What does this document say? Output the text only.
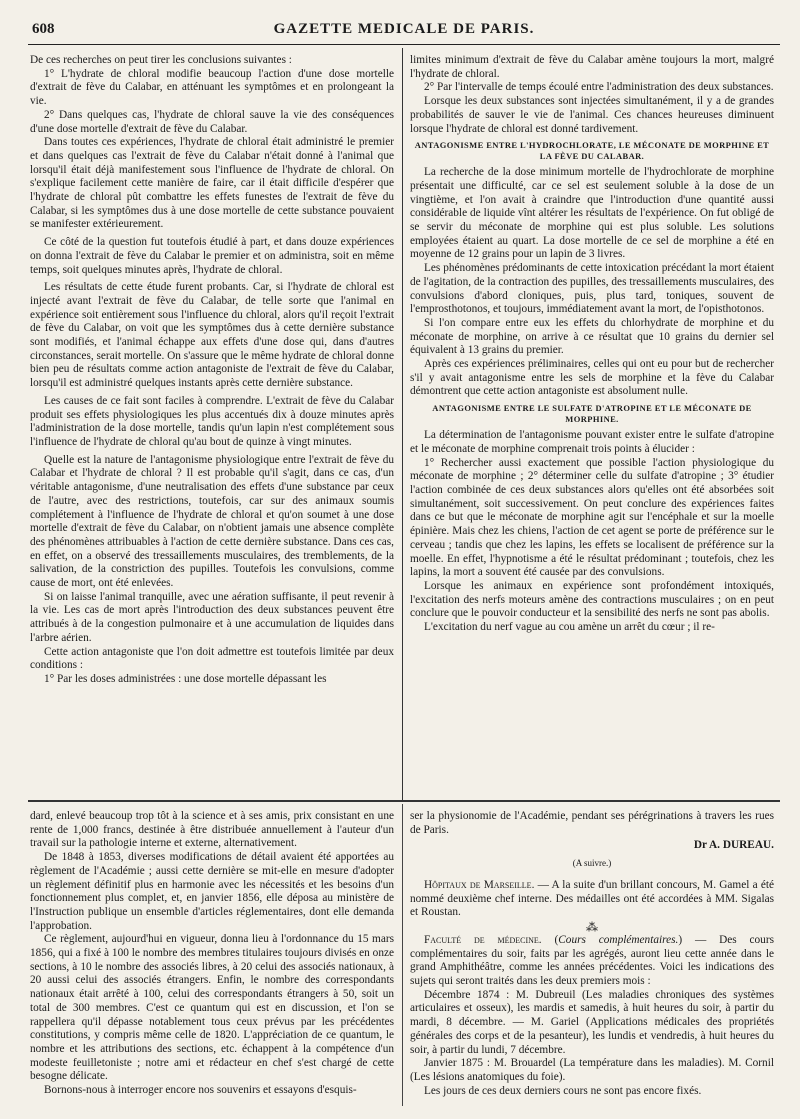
608	GAZETTE MEDICALE DE PARIS.

De ces recherches on peut tirer les conclusions suivantes :

1° L'hydrate de chloral modifie beaucoup l'action d'une dose mortelle d'extrait de fève du Calabar, en atténuant les symptômes et en prolongeant la vie.

2° Dans quelques cas, l'hydrate de chloral sauve la vie des conséquences d'une dose mortelle d'extrait de fève du Calabar.

Dans toutes ces expériences, l'hydrate de chloral était administré le premier et dans quelques cas l'extrait de fève du Calabar n'était donné à l'animal que lorsqu'il était déjà manifestement sous l'influence de l'hydrate de chloral. On s'explique facilement cette manière de faire, car il était difficile d'espérer que l'hydrate de chloral pût combattre les effets funestes de l'extrait de fève du Calabar, si les symptômes dus à une dose mortelle de cette substance pouvaient se manifester extérieurement.

Ce côté de la question fut toutefois étudié à part, et dans douze expériences on donna l'extrait de fève du Calabar le premier et on administra, soit en même temps, soit quelques minutes après, l'hydrate de chloral.

Les résultats de cette étude furent probants. Car, si l'hydrate de chloral est injecté avant l'extrait de fève du Calabar, de telle sorte que l'animal en expérience soit entièrement sous l'influence du chloral, alors qu'il reçoit l'extrait de fève du Calabar, on voit que les symptômes dus à cette dernière substance sont modifiés, et l'animal échappe aux effets d'une dose qui, dans d'autres circonstances, serait mortelle. On s'assure que le même hydrate de chloral donne bien peu de résultats comme action antagoniste de l'extrait de fève du Calabar, lorsqu'il est administré quelques instants après cette dernière substance.

Les causes de ce fait sont faciles à comprendre. L'extrait de fève du Calabar produit ses effets physiologiques les plus accentués dix à douze minutes après l'administration de la dose mortelle, tandis qu'un lapin n'est complétement sous l'influence de l'hydrate de chloral qu'au bout de quinze à vingt minutes.

Quelle est la nature de l'antagonisme physiologique entre l'extrait de fève du Calabar et l'hydrate de chloral ? Il est probable qu'il s'agit, dans ce cas, d'un véritable antagonisme, d'une neutralisation des effets d'une substance par ceux de l'autre, avec des restrictions, toutefois, car sur des animaux soumis complétement à l'influence de l'hydrate de chloral et qu'on soumet à une dose mortelle d'extrait de fève du Calabar, on n'obtient jamais une absence complète des phénomènes attribuables à l'action de cette dernière substance. Dans ces cas, en effet, on a observé des tressaillements musculaires, des tremblements, de la salivation, de la constriction des pupilles. Toutefois les convulsions, comme cause de mort, ont été enlevées.

Si on laisse l'animal tranquille, avec une aération suffisante, il peut revenir à la vie. Les cas de mort après l'introduction des deux substances peuvent être attribués à de la congestion pulmonaire et à une accumulation de liquides dans l'arbre aérien.

Cette action antagoniste que l'on doit admettre est toutefois limitée par deux conditions :

1° Par les doses administrées : une dose mortelle dépassant les

limites minimum d'extrait de fève du Calabar amène toujours la mort, malgré l'hydrate de chloral.

2° Par l'intervalle de temps écoulé entre l'administration des deux substances.

Lorsque les deux substances sont injectées simultanément, il y a de grandes probabilités de sauver le vie de l'animal. Ces chances heureuses diminuent lorsque l'hydrate de chloral est donné tardivement.

ANTAGONISME ENTRE L'HYDROCHLORATE, LE MÉCONATE DE MORPHINE ET LA FÈVE DU CALABAR.

La recherche de la dose minimum mortelle de l'hydrochlorate de morphine présentait une difficulté, car ce sel est seulement soluble à la dose de un vingtième, et l'on avait à craindre que l'introduction d'une quantité aussi considérable de liquide vînt altérer les résultats de l'expérience. On fut obligé de se servir du méconate de morphine qui est plus soluble. Les solutions employées étaient au quart. La dose mortelle de ce sel de morphine a été en moyenne de 12 grains pour un lapin de 3 livres.

Les phénomènes prédominants de cette intoxication précédant la mort étaient de l'agitation, de la contraction des pupilles, des tressaillements musculaires, des convulsions d'abord cloniques, puis, plus tard, toniques, souvent de l'emprosthotonos, et toujours, immédiatement avant la mort, de l'opisthotonos.

Si l'on compare entre eux les effets du chlorhydrate de morphine et du méconate de morphine, on arrive à ce résultat que 10 grains du dernier sel équivalent à 13 grains du premier.

Après ces expériences préliminaires, celles qui ont eu pour but de rechercher s'il y avait antagonisme entre les sels de morphine et la fève du Calabar démontrent que cette action antagoniste est absolument nulle.

ANTAGONISME ENTRE LE SULFATE D'ATROPINE ET LE MÉCONATE DE MORPHINE.

La détermination de l'antagonisme pouvant exister entre le sulfate d'atropine et le méconate de morphine comprenait trois points à élucider :

1° Rechercher aussi exactement que possible l'action physiologique du méconate de morphine ; 2° déterminer celle du sulfate d'atropine ; 3° étudier l'action combinée de ces deux substances alors qu'elles ont été absorbées soit simultanément, soit successivement. On peut conclure des expériences faites dans ce but que le méconate de morphine agit sur l'encéphale et sur la moelle épinière. Mais chez les chiens, l'action de cet agent se porte de préférence sur le cerveau ; tandis que chez les lapins, les effets se localisent de préférence sur la moelle. En effet, l'hypnotisme a été le résultat prédominant ; toutefois, chez les lapins, la mort a souvent été causée par des convulsions.

Lorsque les animaux en expérience sont profondément intoxiqués, l'excitation des nerfs moteurs amène des contractions musculaires ; on en peut conclure que le pouvoir conducteur et la sensibilité des nerfs ne sont pas abolis.

L'excitation du nerf vague au cou amène un arrêt du cœur ; il re-

dard, enlevé beaucoup trop tôt à la science et à ses amis, prix consistant en une rente de 1,000 francs, destinée à être distribuée annuellement à l'auteur d'un travail sur la pathologie interne et externe, alternativement.

De 1848 à 1853, diverses modifications de détail avaient été apportées au règlement de l'Académie ; aussi cette dernière se mit-elle en mesure d'adopter un règlement définitif plus en harmonie avec les nécessités et les besoins d'un fonctionnement plus complet, et, en janvier 1856, elle déposa au ministère de l'Instruction publique un ensemble d'articles réglementaires, dont elle demanda l'approbation.

Ce règlement, aujourd'hui en vigueur, donna lieu à l'ordonnance du 15 mars 1856, qui a fixé à 100 le nombre des membres titulaires toujours divisés en onze sections, à 10 le nombre des associés libres, à 20 celui des associés nationaux, à 20 aussi celui des associés étrangers. Enfin, le nombre des correspondants nationaux était arrêté à 100, celui des correspondants étrangers à 50, soit un total de 300 membres. C'est ce quantum qui est en discussion, et l'on se rappellera qu'il dépasse notablement tous ceux prévus par les précédentes constitutions, y compris même celle de 1820. L'appréciation de ce quantum, le nombre et les attributions des sections, etc. échappent à la compétence d'un modeste feuilletoniste ; notre ami et rédacteur en chef s'est chargé de cette besogne délicate.

Bornons-nous à interroger encore nos souvenirs et essayons d'esquis-

ser la physionomie de l'Académie, pendant ses pérégrinations à travers les rues de Paris.

Dr A. DUREAU.

(A suivre.)

Hôpitaux de Marseille. — A la suite d'un brillant concours, M. Gamel a été nommé deuxième chef interne. Des médailles ont été accordées à MM. Sigalas et Roustan.

⁂

Faculté de médecine. (Cours complémentaires.) — Des cours complémentaires du soir, faits par les agrégés, auront lieu cette année dans le grand Amphithéâtre, comme les années précédentes. Voici les indications des sujets qui seront traités dans les deux premiers mois :

Décembre 1874 : M. Dubreuil (Les maladies chroniques des systèmes articulaires et osseux), les mardis et samedis, à huit heures du soir, à partir du mardi, 8 décembre. — M. Gariel (Applications médicales des propriétés générales des corps et de la pesanteur), les lundis et vendredis, à huit heures du soir, à partir du lundi, 7 décembre.

Janvier 1875 : M. Brouardel (La température dans les maladies). M. Cornil (Les lésions anatomiques du foie).

Les jours de ces deux derniers cours ne sont pas encore fixés.
